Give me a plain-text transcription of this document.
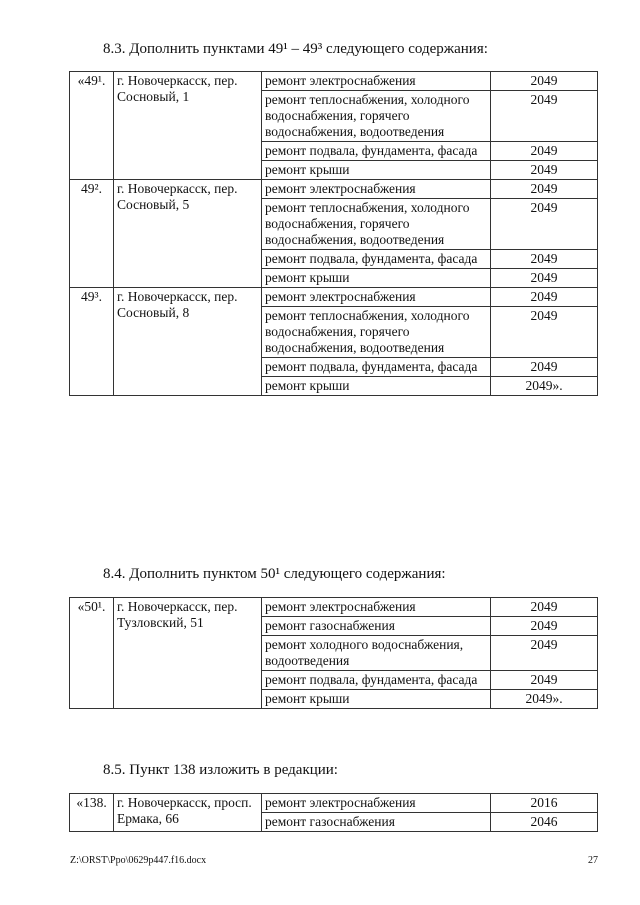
8.3. Дополнить пунктами 49¹ – 49³ следующего содержания:
«49¹.	г. Новочеркасск, пер. Сосновый, 1	ремонт электроснабжения	2049
		ремонт теплоснабжения, холодного водоснабжения, горячего водоснабжения, водоотведения	2049
		ремонт подвала, фундамента, фасада	2049
		ремонт крыши	2049
49².	г. Новочеркасск, пер. Сосновый, 5	ремонт электроснабжения	2049
		ремонт теплоснабжения, холодного водоснабжения, горячего водоснабжения, водоотведения	2049
		ремонт подвала, фундамента, фасада	2049
		ремонт крыши	2049
49³.	г. Новочеркасск, пер. Сосновый, 8	ремонт электроснабжения	2049
		ремонт теплоснабжения, холодного водоснабжения, горячего водоснабжения, водоотведения	2049
		ремонт подвала, фундамента, фасада	2049
		ремонт крыши	2049».
8.4. Дополнить пунктом 50¹ следующего содержания:
«50¹.	г. Новочеркасск, пер. Тузловский, 51	ремонт электроснабжения	2049
		ремонт газоснабжения	2049
		ремонт холодного водоснабжения, водоотведения	2049
		ремонт подвала, фундамента, фасада	2049
		ремонт крыши	2049».
8.5. Пункт 138 изложить в редакции:
«138.	г. Новочеркасск, просп. Ермака, 66	ремонт электроснабжения	2016
		ремонт газоснабжения	2046
Z:\ORST\Ppo\0629p447.f16.docx	27
